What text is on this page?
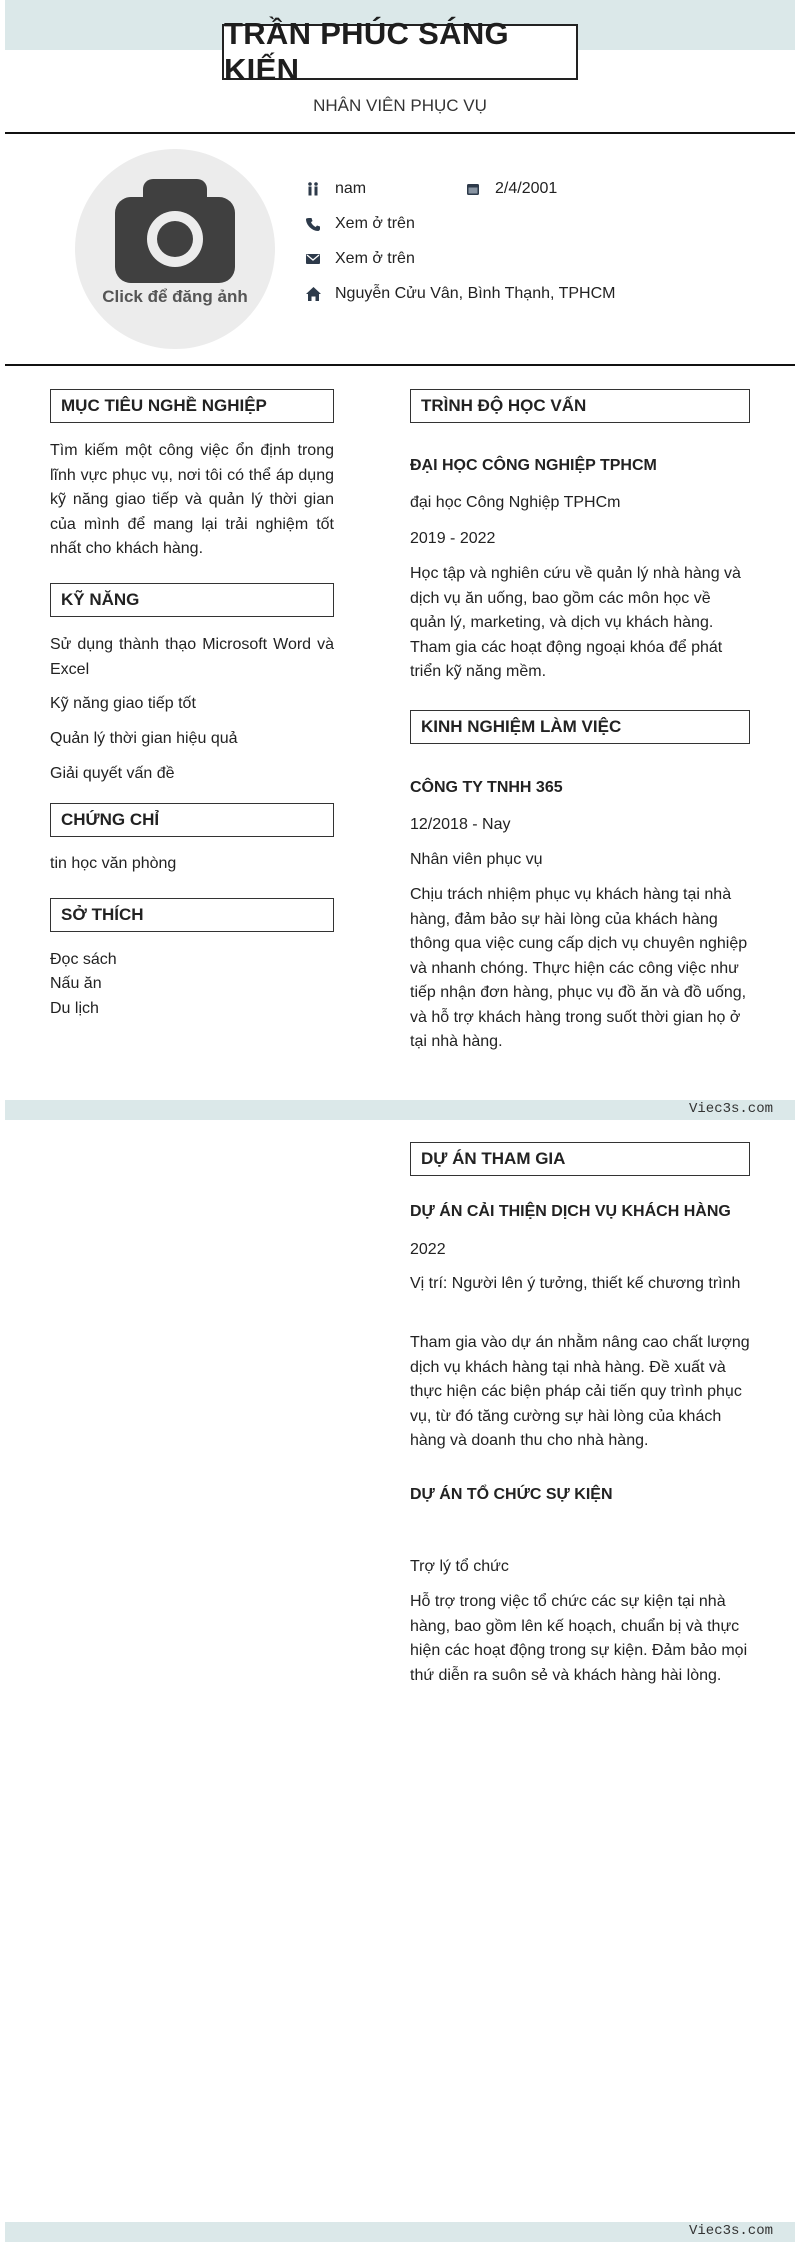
TRẦN PHÚC SÁNG KIẾN
NHÂN VIÊN PHỤC VỤ
Click để đăng ảnh
nam	2/4/2001
Xem ở trên
Xem ở trên
Nguyễn Cửu Vân, Bình Thạnh, TPHCM
MỤC TIÊU NGHỀ NGHIỆP
Tìm kiếm một công việc ổn định trong lĩnh vực phục vụ, nơi tôi có thể áp dụng kỹ năng giao tiếp và quản lý thời gian của mình để mang lại trải nghiệm tốt nhất cho khách hàng.
KỸ NĂNG
Sử dụng thành thạo Microsoft Word và Excel
Kỹ năng giao tiếp tốt
Quản lý thời gian hiệu quả
Giải quyết vấn đề
CHỨNG CHỈ
tin học văn phòng
SỞ THÍCH
Đọc sách
Nấu ăn
Du lịch
TRÌNH ĐỘ HỌC VẤN
ĐẠI HỌC CÔNG NGHIỆP TPHCM
đại học Công Nghiệp TPHCm
2019 - 2022
Học tập và nghiên cứu về quản lý nhà hàng và dịch vụ ăn uống, bao gồm các môn học về quản lý, marketing, và dịch vụ khách hàng. Tham gia các hoạt động ngoại khóa để phát triển kỹ năng mềm.
KINH NGHIỆM LÀM VIỆC
CÔNG TY TNHH 365
12/2018 - Nay
Nhân viên phục vụ
Chịu trách nhiệm phục vụ khách hàng tại nhà hàng, đảm bảo sự hài lòng của khách hàng thông qua việc cung cấp dịch vụ chuyên nghiệp và nhanh chóng. Thực hiện các công việc như tiếp nhận đơn hàng, phục vụ đồ ăn và đồ uống, và hỗ trợ khách hàng trong suốt thời gian họ ở tại nhà hàng.
Viec3s.com
DỰ ÁN THAM GIA
DỰ ÁN CẢI THIỆN DỊCH VỤ KHÁCH HÀNG
2022
Vị trí: Người lên ý tưởng, thiết kế chương trình
Tham gia vào dự án nhằm nâng cao chất lượng dịch vụ khách hàng tại nhà hàng. Đề xuất và thực hiện các biện pháp cải tiến quy trình phục vụ, từ đó tăng cường sự hài lòng của khách hàng và doanh thu cho nhà hàng.
DỰ ÁN TỔ CHỨC SỰ KIỆN
Trợ lý tổ chức
Hỗ trợ trong việc tổ chức các sự kiện tại nhà hàng, bao gồm lên kế hoạch, chuẩn bị và thực hiện các hoạt động trong sự kiện. Đảm bảo mọi thứ diễn ra suôn sẻ và khách hàng hài lòng.
Viec3s.com
